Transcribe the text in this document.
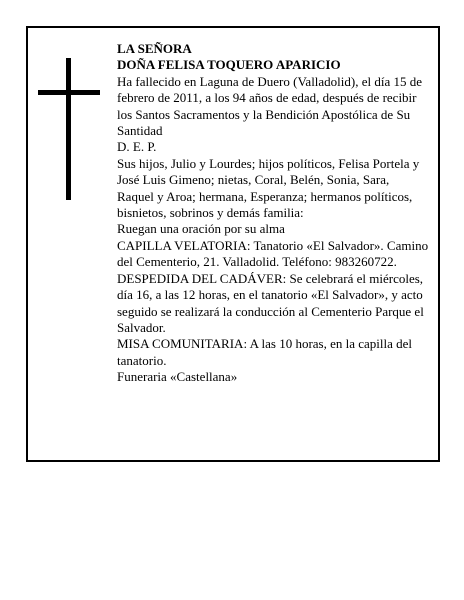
LA SEÑORA

DOÑA FELISA TOQUERO APARICIO

Ha fallecido en Laguna de Duero (Valladolid), el día 15 de febrero de 2011, a los 94 años de edad, después de recibir los Santos Sacramentos y la Bendición Apostólica de Su Santidad

D. E. P.

Sus hijos, Julio y Lourdes; hijos políticos, Felisa Portela y José Luis Gimeno; nietas, Coral, Belén, Sonia, Sara, Raquel y Aroa; hermana, Esperanza; hermanos políticos, bisnietos, sobrinos y demás familia:

Ruegan una oración por su alma

CAPILLA VELATORIA: Tanatorio «El Salvador». Camino del Cementerio, 21. Valladolid. Teléfono: 983260722.

DESPEDIDA DEL CADÁVER: Se celebrará el miércoles, día 16, a las 12 horas, en el tanatorio «El Salvador», y acto seguido se realizará la conducción al Cementerio Parque el Salvador.

MISA COMUNITARIA: A las 10 horas, en la capilla del tanatorio.

Funeraria «Castellana»
